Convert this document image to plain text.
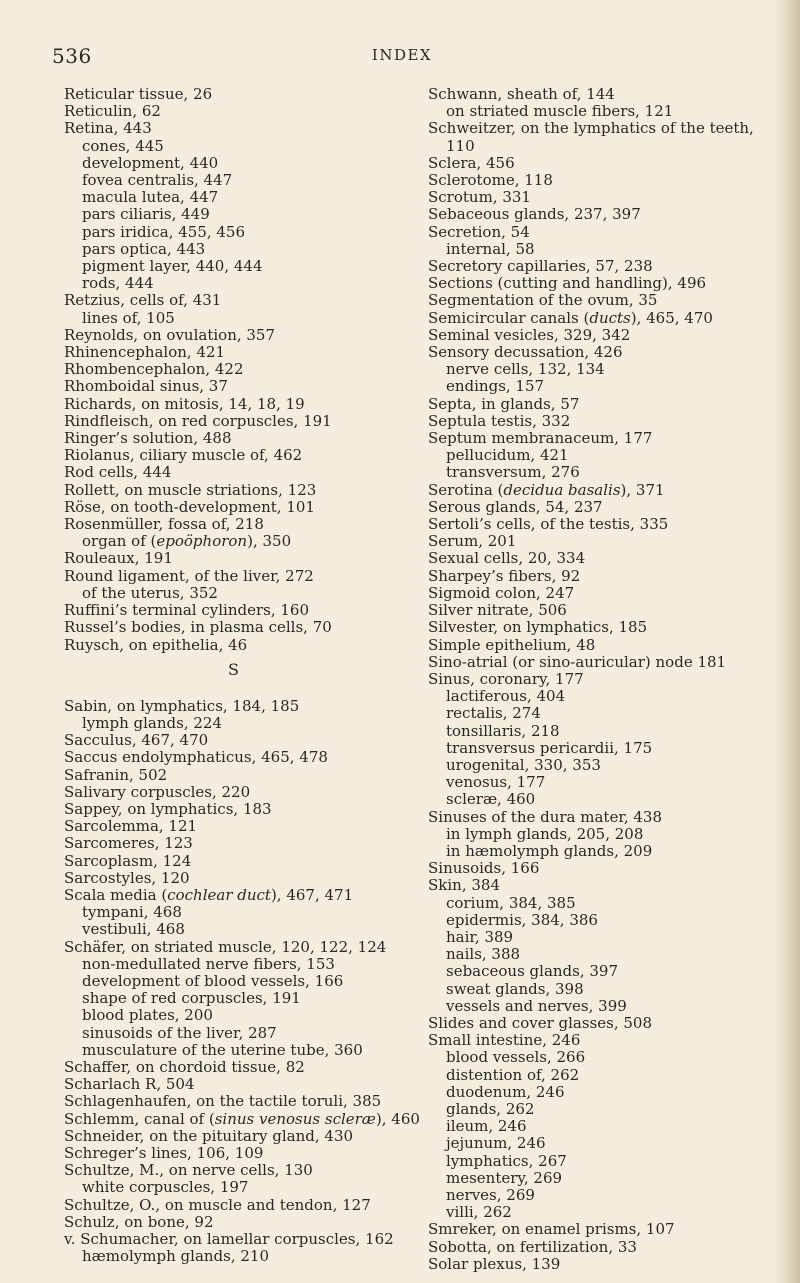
536	INDEX
Reticular tissue, 26
Reticulin, 62
Retina, 443
cones, 445
development, 440
fovea centralis, 447
macula lutea, 447
pars ciliaris, 449
pars iridica, 455, 456
pars optica, 443
pigment layer, 440, 444
rods, 444
Retzius, cells of, 431
lines of, 105
Reynolds, on ovulation, 357
Rhinencephalon, 421
Rhombencephalon, 422
Rhomboidal sinus, 37
Richards, on mitosis, 14, 18, 19
Rindfleisch, on red corpuscles, 191
Ringer’s solution, 488
Riolanus, ciliary muscle of, 462
Rod cells, 444
Rollett, on muscle striations, 123
Röse, on tooth-development, 101
Rosenmüller, fossa of, 218
organ of (epoöphoron), 350
Rouleaux, 191
Round ligament, of the liver, 272
of the uterus, 352
Ruffini’s terminal cylinders, 160
Russel’s bodies, in plasma cells, 70
Ruysch, on epithelia, 46
S
Sabin, on lymphatics, 184, 185
lymph glands, 224
Sacculus, 467, 470
Saccus endolymphaticus, 465, 478
Safranin, 502
Salivary corpuscles, 220
Sappey, on lymphatics, 183
Sarcolemma, 121
Sarcomeres, 123
Sarcoplasm, 124
Sarcostyles, 120
Scala media (cochlear duct), 467, 471
tympani, 468
vestibuli, 468
Schäfer, on striated muscle, 120, 122, 124
non-medullated nerve fibers, 153
development of blood vessels, 166
shape of red corpuscles, 191
blood plates, 200
sinusoids of the liver, 287
musculature of the uterine tube, 360
Schaffer, on chordoid tissue, 82
Scharlach R, 504
Schlagenhaufen, on the tactile toruli, 385
Schlemm, canal of (sinus venosus scleræ), 460
Schneider, on the pituitary gland, 430
Schreger’s lines, 106, 109
Schultze, M., on nerve cells, 130
white corpuscles, 197
Schultze, O., on muscle and tendon, 127
Schulz, on bone, 92
v. Schumacher, on lamellar corpuscles, 162
hæmolymph glands, 210
Schwann, sheath of, 144
on striated muscle fibers, 121
Schweitzer, on the lymphatics of the teeth,
110
Sclera, 456
Sclerotome, 118
Scrotum, 331
Sebaceous glands, 237, 397
Secretion, 54
internal, 58
Secretory capillaries, 57, 238
Sections (cutting and handling), 496
Segmentation of the ovum, 35
Semicircular canals (ducts), 465, 470
Seminal vesicles, 329, 342
Sensory decussation, 426
nerve cells, 132, 134
endings, 157
Septa, in glands, 57
Septula testis, 332
Septum membranaceum, 177
pellucidum, 421
transversum, 276
Serotina (decidua basalis), 371
Serous glands, 54, 237
Sertoli’s cells, of the testis, 335
Serum, 201
Sexual cells, 20, 334
Sharpey’s fibers, 92
Sigmoid colon, 247
Silver nitrate, 506
Silvester, on lymphatics, 185
Simple epithelium, 48
Sino-atrial (or sino-auricular) node 181
Sinus, coronary, 177
lactiferous, 404
rectalis, 274
tonsillaris, 218
transversus pericardii, 175
urogenital, 330, 353
venosus, 177
scleræ, 460
Sinuses of the dura mater, 438
in lymph glands, 205, 208
in hæmolymph glands, 209
Sinusoids, 166
Skin, 384
corium, 384, 385
epidermis, 384, 386
hair, 389
nails, 388
sebaceous glands, 397
sweat glands, 398
vessels and nerves, 399
Slides and cover glasses, 508
Small intestine, 246
blood vessels, 266
distention of, 262
duodenum, 246
glands, 262
ileum, 246
jejunum, 246
lymphatics, 267
mesentery, 269
nerves, 269
villi, 262
Smreker, on enamel prisms, 107
Sobotta, on fertilization, 33
Solar plexus, 139
